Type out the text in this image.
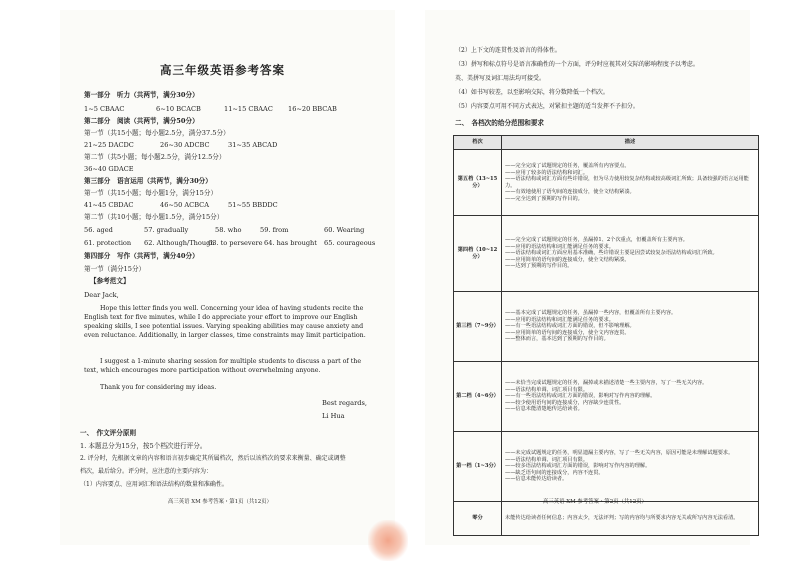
高三年级英语参考答案
第一部分　听力（共两节，满分30分）
1~5 CBAAC	6~10 BCACB	11~15 CBAAC 16~20 BBCAB
第二部分　阅读（共两节，满分50分）
第一节（共15小题；每小题2.5分，满分37.5分）
21~25 DACDC	26~30 ADCBC	31~35 ABCAD
第二节（共5小题；每小题2.5分，满分12.5分）
36~40 GDACE
第三部分　语言运用（共两节，满分30分）
第一节（共15小题；每小题1分，满分15分）
41~45 CBDAC	46~50 ACBCA	51~55 BBDDC
第二节（共10小题；每小题1.5分，满分15分）
56. aged	57. gradually	58. who	59. from	60. Wearing
61. protection 62. Although/Though
63. to persevere 64. has brought 65. courageous
第四部分　写作（共两节，满分40分）
第一节（满分15分）
【参考范文】
Dear Jack,
Hope this letter finds you well. Concerning your idea of having students recite the English text for five minutes, while I do appreciate your effort to improve our English speaking skills, I see potential issues. Varying speaking abilities may cause anxiety and even reluctance. Additionally, in larger classes, time constraints may limit participation.
I suggest a 1-minute sharing session for multiple students to discuss a part of the text, which encourages more participation without overwhelming anyone.
Thank you for considering my ideas.
Best regards,
Li Hua
一、　作文评分原则
1. 本题总分为15分，按5个档次进行评分。
2. 评分时，先根据文章的内容和语言初步确定其所属档次，然后以该档次的要求来衡量、确定或调整
档次，最后给分。评分时，应注意的主要内容为：
（1）内容要点、应用词汇和语法结构的数量和准确性。
高三英语 XM 参考答案・第1页（共12页）
（2）上下文的连贯性及语言的得体性。
（3）拼写和标点符号是语言准确性的一个方面，评分时应视其对交际的影响程度予以考虑。
英、美拼写及词汇用法均可接受。
（4）如书写较差，以至影响交际，将分数降低一个档次。
（5）内容要点可用不同方式表达，对紧扣主题的适当发挥不予扣分。
二、　各档次的给分范围和要求
档次	描述
第五档（13~15分）	——完全完成了试题规定的任务，覆盖所有内容要点。
——应用了较多的语法结构和词汇。
——语法结构或词汇方面有些许错误，但为尽力使用较复杂结构或较高级词汇所致；具备较强的语言运用能力。
——有效地使用了语句间的连接成分，使全文结构紧凑。
——完全达到了预期的写作目的。

第四档（10~12分）	——完全完成了试题规定的任务，虽漏掉1、2个次重点，但覆盖所有主要内容。
——应用的语法结构和词汇能满足任务的要求。
——语法结构或词汇方面应用基本准确，些许错误主要是因尝试较复杂语法结构或词汇所致。
——应用简单的语句间的连接成分，使全文结构紧凑。
——达到了预期的写作目的。

第三档（7~9分）	——基本完成了试题规定的任务，虽漏掉一些内容，但覆盖所有主要内容。
——应用的语法结构和词汇能满足任务的要求。
——有一些语法结构或词汇方面的错误，但不影响理解。
——应用简单的语句间的连接成分，使全文内容连贯。
——整体而言，基本达到了预期的写作目的。

第二档（4~6分）	——未恰当完成试题规定的任务，漏掉或未描述清楚一些主要内容，写了一些无关内容。
——语法结构单调、词汇项目有限。
——有一些语法结构或词汇方面的错误，影响对写作内容的理解。
——较少使用语句间的连接成分，内容缺少连贯性。
——信息未能清楚地传达给读者。

第一档（1~3分）	——未完成试题规定的任务，明显遗漏主要内容，写了一些无关内容，原因可能是未理解试题要求。
——语法结构单调、词汇项目有限。
——较多语法结构或词汇方面的错误，影响对写作内容的理解。
——缺乏语句间的连接成分，内容不连贯。
——信息未能传达给读者。

零分	未能传达给读者任何信息；内容太少，无法评判；写的内容均与所要求内容无关或所写内容无法看清。
高三英语 XM 参考答案・第2页（共12页）
